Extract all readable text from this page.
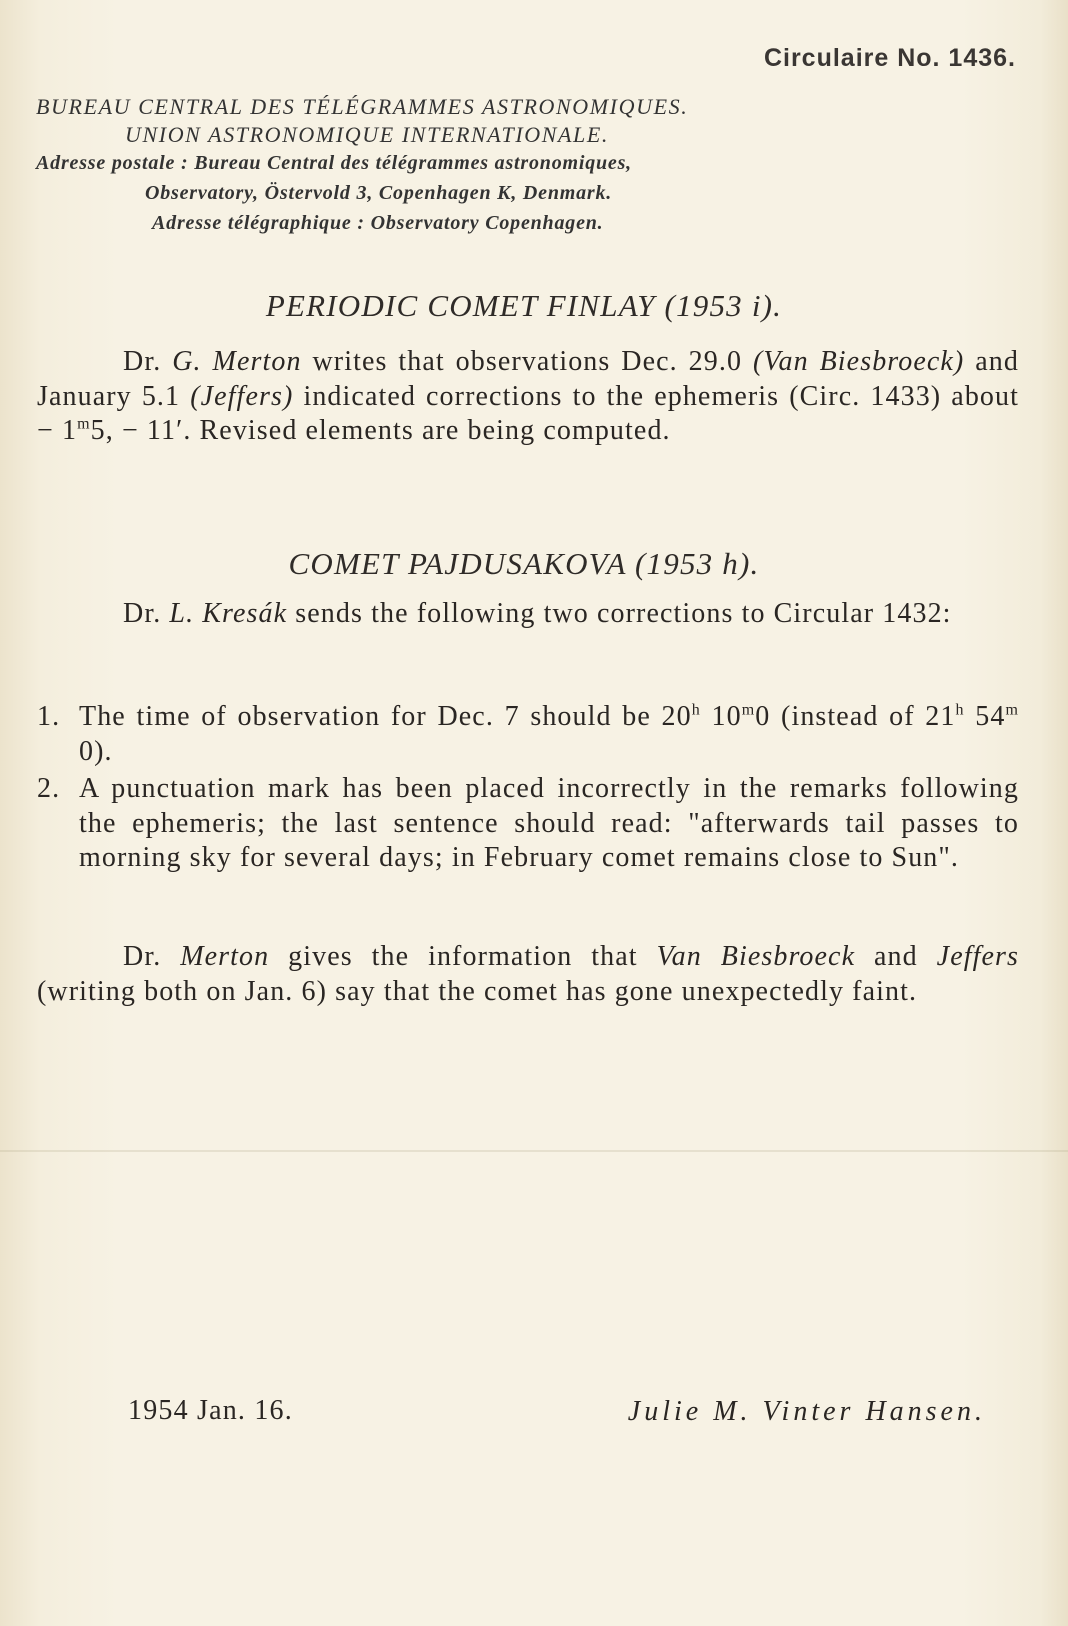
Circulaire No. 1436.
BUREAU CENTRAL DES TÉLÉGRAMMES ASTRONOMIQUES.
UNION ASTRONOMIQUE INTERNATIONALE.
Adresse postale : Bureau Central des télégrammes astronomiques,
Observatory, Östervold 3, Copenhagen K, Denmark.
Adresse télégraphique : Observatory Copenhagen.
PERIODIC COMET FINLAY (1953 i).
Dr. G. Merton writes that observations Dec. 29.0 (Van Biesbroeck) and January 5.1 (Jeffers) indicated corrections to the ephemeris (Circ. 1433) about − $1^m5$, − 11′. Revised elements are being computed.
COMET PAJDUSAKOVA (1953 h).
Dr. L. Kresák sends the following two corrections to Circular 1432:
1. The time of observation for Dec. 7 should be 20$^h$ 10$^m$0 (instead of 21$^h$ 54$^m$ 0).
2. A punctuation mark has been placed incorrectly in the remarks following the ephemeris; the last sentence should read: "afterwards tail passes to morning sky for several days; in February comet remains close to Sun".
Dr. Merton gives the information that Van Biesbroeck and Jeffers (writing both on Jan. 6) say that the comet has gone unexpectedly faint.
1954 Jan. 16.	Julie M. Vinter Hansen.
